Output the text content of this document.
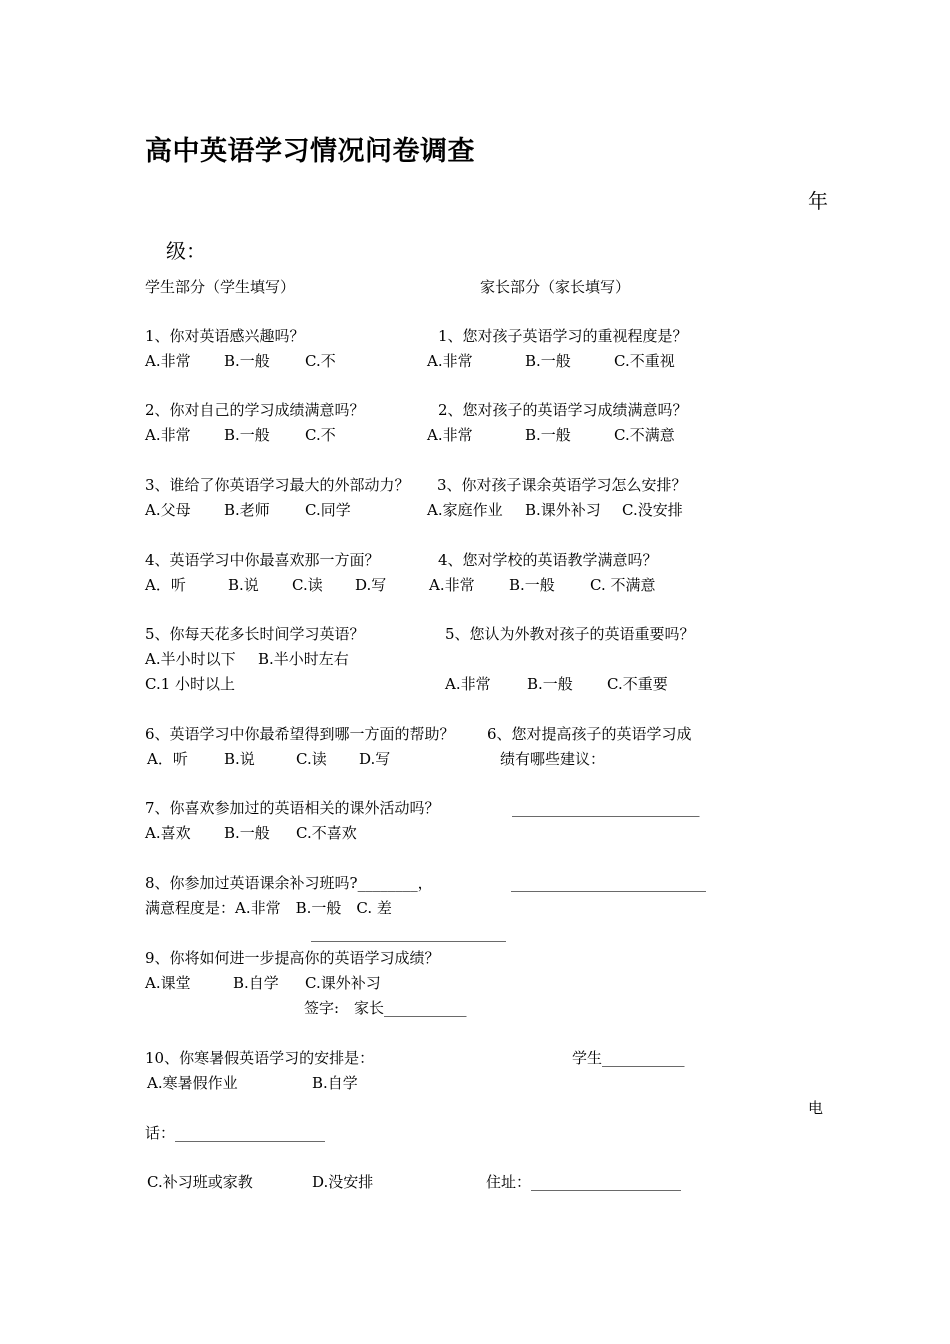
高中英语学习情况问卷调查
年
级：
学生部分（学生填写）	家长部分（家长填写）
1、你对英语感兴趣吗？	1、您对孩子英语学习的重视程度是？
A.非常 B.一般 C.不	A.非常	B.一般	C.不重视
2、你对自己的学习成绩满意吗？	2、您对孩子的英语学习成绩满意吗？
A.非常 B.一般 C.不	A.非常	B.一般	C.不满意
3、谁给了你英语学习最大的外部动力？ 3、你对孩子课余英语学习怎么安排？
A.父母 B.老师 C.同学	A.家庭作业 B.课外补习 C.没安排
4、英语学习中你最喜欢那一方面？	4、您对学校的英语教学满意吗？
A．听	B.说 C.读 D.写	A.非常 B.一般 C. 不满意
5、你每天花多长时间学习英语？	5、您认为外教对孩子的英语重要吗？
A.半小时以下 B.半小时左右
C.1 小时以上	A.非常 B.一般 C.不重要
6、英语学习中你最希望得到哪一方面的帮助？ 6、您对提高孩子的英语学习成
A．听 B.说	C.读 D.写	绩有哪些建议：
7、你喜欢参加过的英语相关的课外活动吗？	_________________________
A.喜欢 B.一般 C.不喜欢
8、你参加过英语课余补习班吗?________，	__________________________
满意程度是：A.非常　B.一般　C. 差
__________________________
9、你将如何进一步提高你的英语学习成绩？
A.课堂	B.自学 C.课外补习
签字:　家长___________
10、你寒暑假英语学习的安排是：	学生___________
A.寒暑假作业	B.自学
电
话：____________________
C.补习班或家教	D.没安排	住址：____________________
